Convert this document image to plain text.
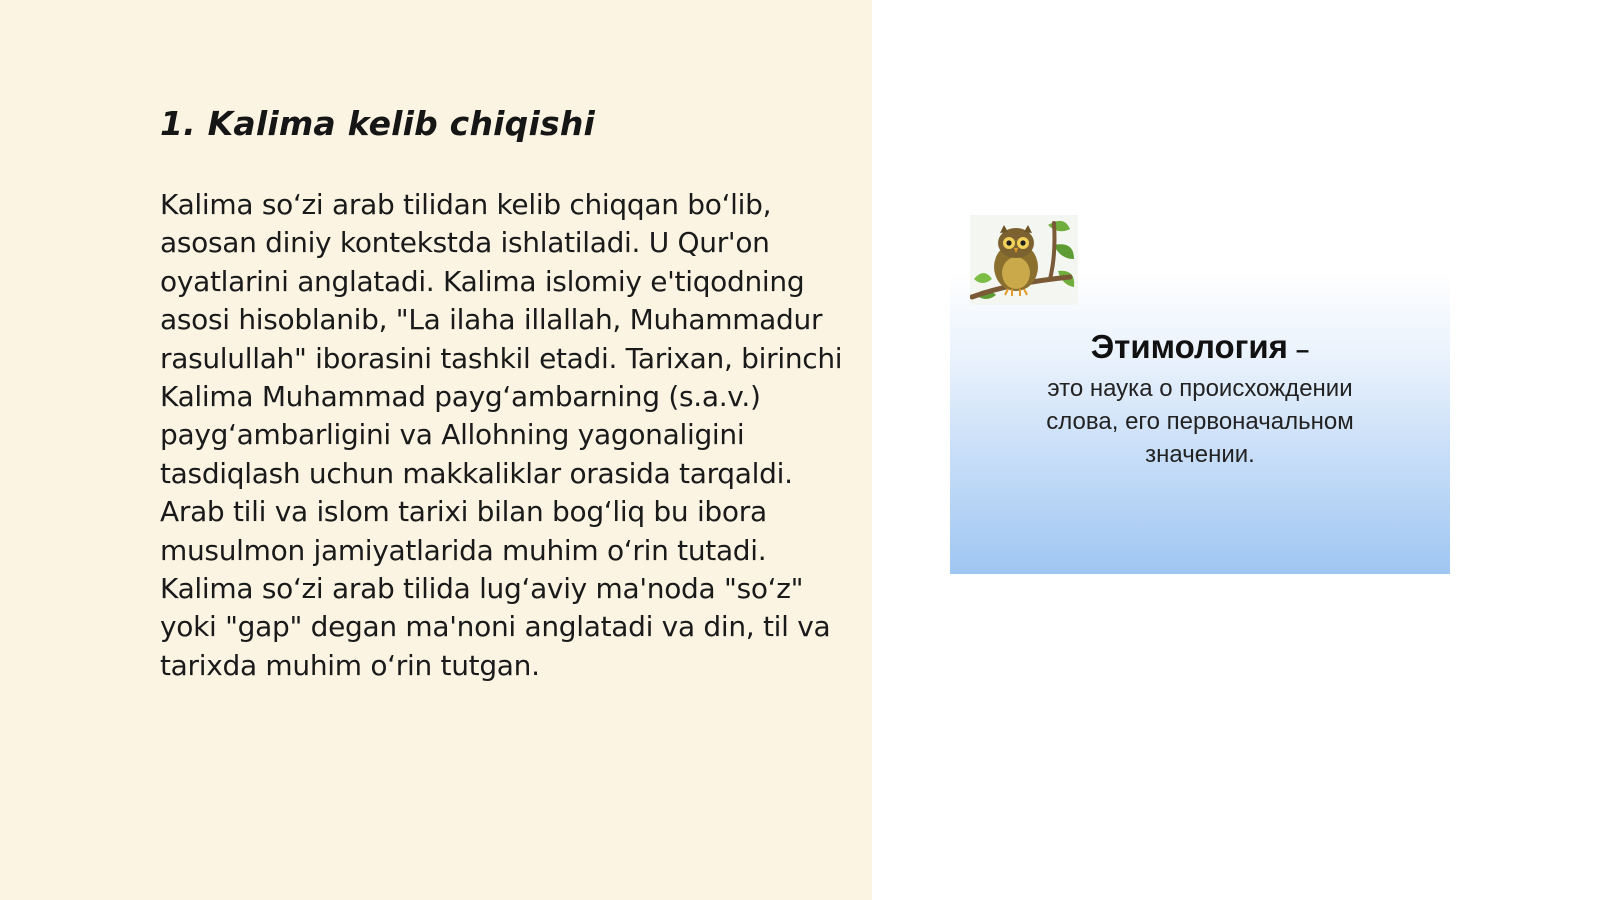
1. Kalima kelib chiqishi

Kalima so‘zi arab tilidan kelib chiqqan bo‘lib, asosan diniy kontekstda ishlatiladi. U Qur'on oyatlarini anglatadi. Kalima islomiy e'tiqodning asosi hisoblanib, "La ilaha illallah, Muhammadur rasulullah" iborasini tashkil etadi. Tarixan, birinchi Kalima Muhammad payg‘ambarning (s.a.v.) payg‘ambarligini va Allohning yagonaligini tasdiqlash uchun makkaliklar orasida tarqaldi. Arab tili va islom tarixi bilan bog‘liq bu ibora musulmon jamiyatlarida muhim o‘rin tutadi. Kalima so‘zi arab tilida lug‘aviy ma'noda "so‘z" yoki "gap" degan ma'noni anglatadi va din, til va tarixda muhim o‘rin tutgan.

Этимология –

это наука о происхождении
слова, его первоначальном
значении.
